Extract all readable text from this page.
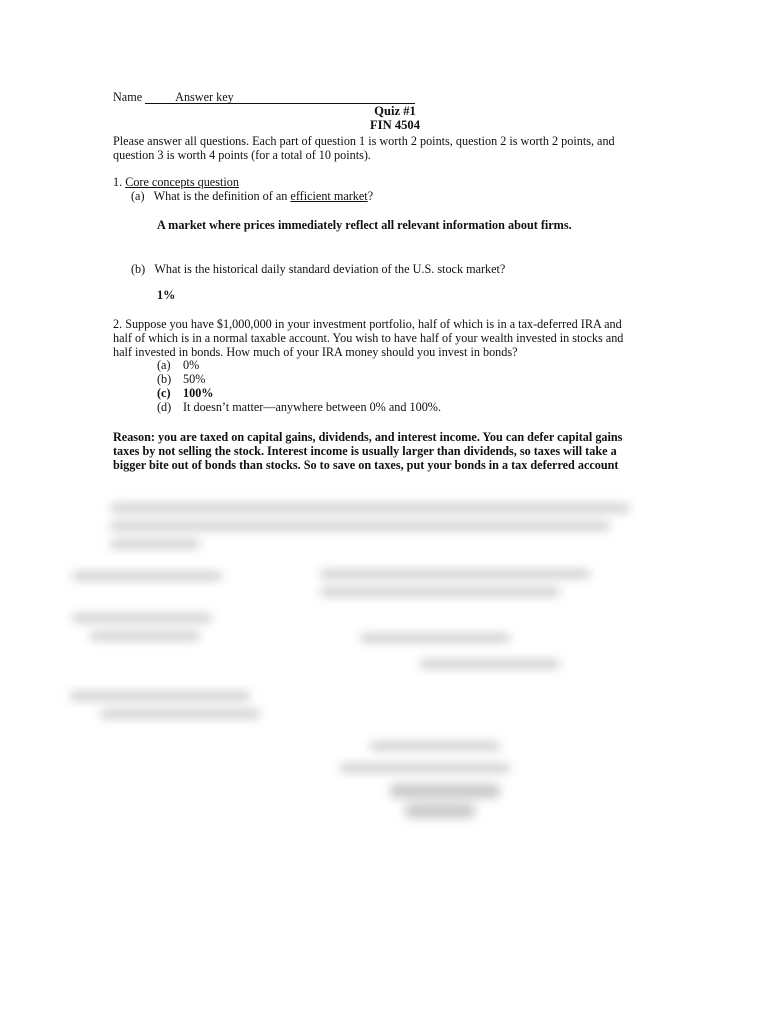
Name	Answer key
Quiz #1
FIN 4504
Please answer all questions. Each part of question 1 is worth 2 points, question 2 is worth 2 points, and question 3 is worth 4 points (for a total of 10 points).
1. Core concepts question
(a) What is the definition of an efficient market?
A market where prices immediately reflect all relevant information about firms.
(b) What is the historical daily standard deviation of the U.S. stock market?
1%
2. Suppose you have $1,000,000 in your investment portfolio, half of which is in a tax-deferred IRA and half of which is in a normal taxable account. You wish to have half of your wealth invested in stocks and half invested in bonds. How much of your IRA money should you invest in bonds?
(a) 0%
(b) 50%
(c) 100%
(d) It doesn’t matter—anywhere between 0% and 100%.
Reason: you are taxed on capital gains, dividends, and interest income. You can defer capital gains taxes by not selling the stock. Interest income is usually larger than dividends, so taxes will take a bigger bite out of bonds than stocks. So to save on taxes, put your bonds in a tax deferred account
